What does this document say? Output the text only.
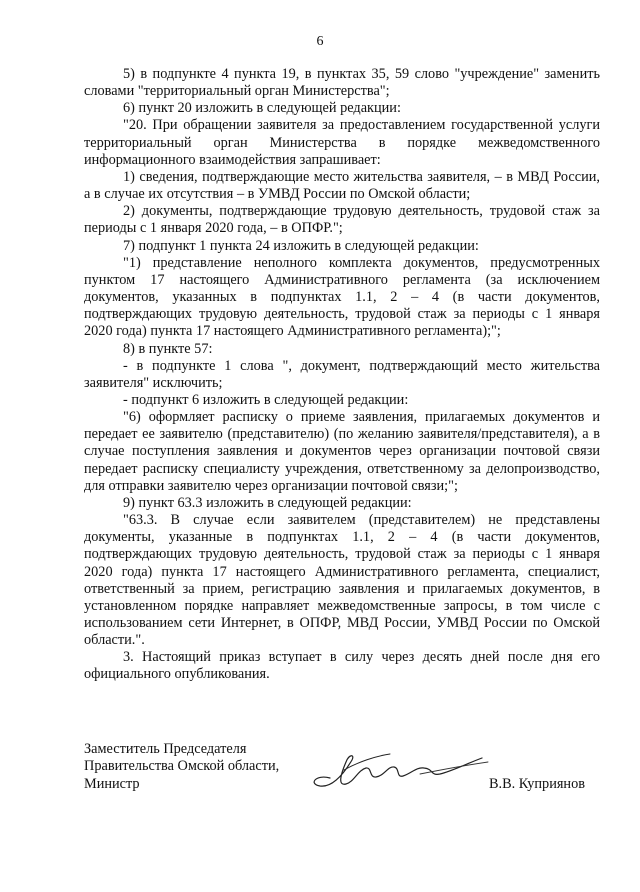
6

5) в подпункте 4 пункта 19, в пунктах 35, 59 слово "учреждение" заменить словами "территориальный орган Министерства";

6) пункт 20 изложить в следующей редакции:

"20. При обращении заявителя за предоставлением государственной услуги территориальный орган Министерства в порядке межведомственного информационного взаимодействия запрашивает:

1) сведения, подтверждающие место жительства заявителя, – в МВД России, а в случае их отсутствия – в УМВД России по Омской области;

2) документы, подтверждающие трудовую деятельность, трудовой стаж за периоды с 1 января 2020 года, – в ОПФР.";

7) подпункт 1 пункта 24 изложить в следующей редакции:

"1) представление неполного комплекта документов, предусмотренных пунктом 17 настоящего Административного регламента (за исключением документов, указанных в подпунктах 1.1, 2 – 4 (в части документов, подтверждающих трудовую деятельность, трудовой стаж за периоды с 1 января 2020 года) пункта 17 настоящего Административного регламента);";

8) в пункте 57:

- в подпункте 1 слова ", документ, подтверждающий место жительства заявителя" исключить;

- подпункт 6 изложить в следующей редакции:

"6) оформляет расписку о приеме заявления, прилагаемых документов и передает ее заявителю (представителю) (по желанию заявителя/представителя), а в случае поступления заявления и документов через организации почтовой связи передает расписку специалисту учреждения, ответственному за делопроизводство, для отправки заявителю через организации почтовой связи;";

9) пункт 63.3 изложить в следующей редакции:

"63.3. В случае если заявителем (представителем) не представлены документы, указанные в подпунктах 1.1, 2 – 4 (в части документов, подтверждающих трудовую деятельность, трудовой стаж за периоды с 1 января 2020 года) пункта 17 настоящего Административного регламента, специалист, ответственный за прием, регистрацию заявления и прилагаемых документов, в установленном порядке направляет межведомственные запросы, в том числе с использованием сети Интернет, в ОПФР, МВД России, УМВД России по Омской области.".

3. Настоящий приказ вступает в силу через десять дней после дня его официального опубликования.

Заместитель Председателя
Правительства Омской области,
Министр	В.В. Куприянов
